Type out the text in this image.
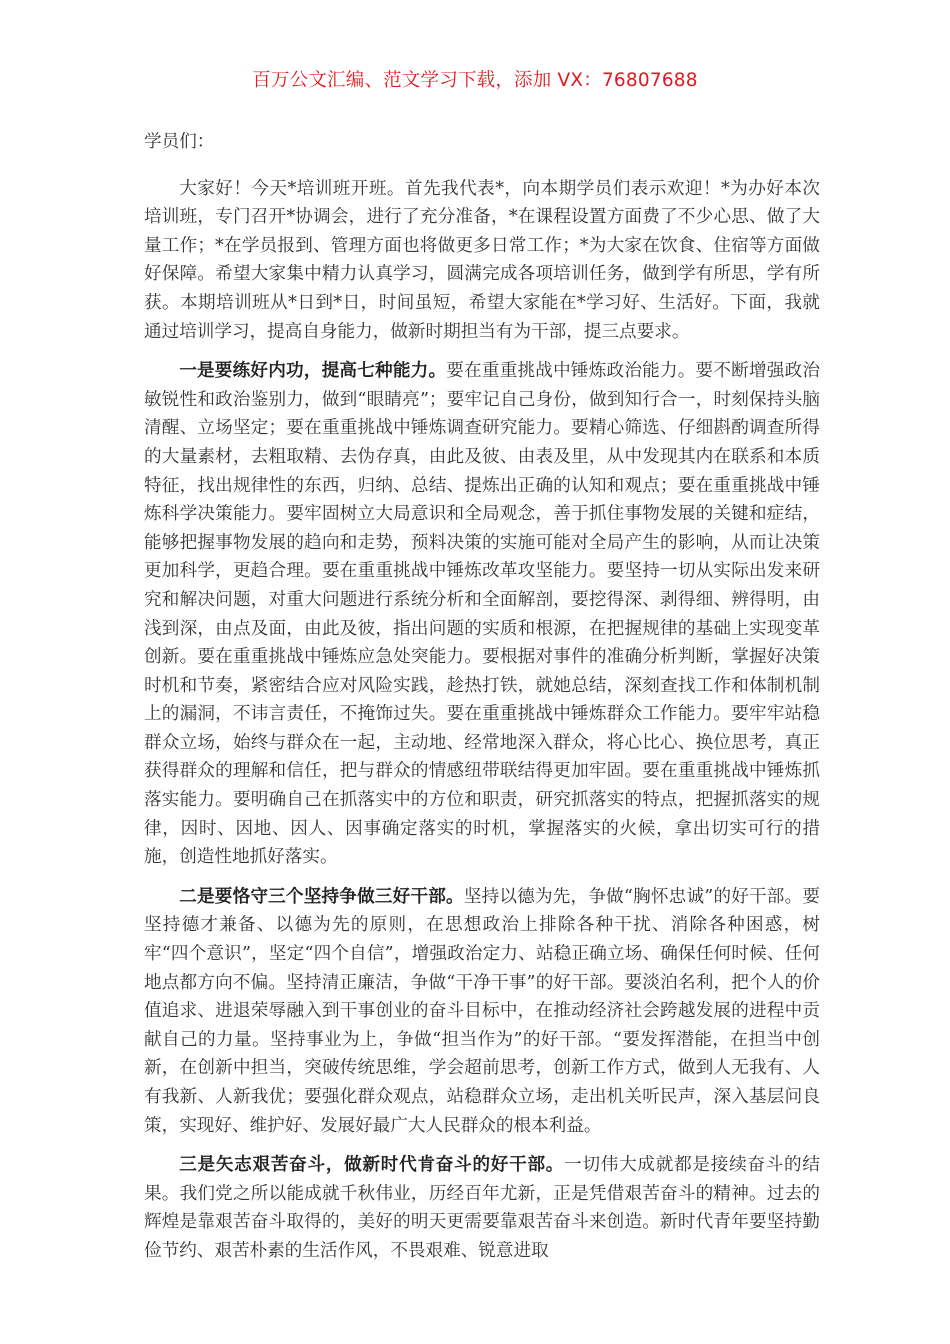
百万公文汇编、范文学习下载，添加 VX：76807688

学员们：

大家好！今天*培训班开班。首先我代表*，向本期学员们表示欢迎！*为办好本次培训班，专门召开*协调会，进行了充分准备，*在课程设置方面费了不少心思、做了大量工作；*在学员报到、管理方面也将做更多日常工作；*为大家在饮食、住宿等方面做好保障。希望大家集中精力认真学习，圆满完成各项培训任务，做到学有所思，学有所获。本期培训班从*日到*日，时间虽短，希望大家能在*学习好、生活好。下面，我就通过培训学习，提高自身能力，做新时期担当有为干部，提三点要求。

一是要练好内功，提高七种能力。要在重重挑战中锤炼政治能力。要不断增强政治敏锐性和政治鉴别力，做到“眼睛亮”；要牢记自己身份，做到知行合一，时刻保持头脑清醒、立场坚定；要在重重挑战中锤炼调查研究能力。要精心筛选、仔细斟酌调查所得的大量素材，去粗取精、去伪存真，由此及彼、由表及里，从中发现其内在联系和本质特征，找出规律性的东西，归纳、总结、提炼出正确的认知和观点；要在重重挑战中锤炼科学决策能力。要牢固树立大局意识和全局观念，善于抓住事物发展的关键和症结，能够把握事物发展的趋向和走势，预料决策的实施可能对全局产生的影响，从而让决策更加科学，更趋合理。要在重重挑战中锤炼改革攻坚能力。要坚持一切从实际出发来研究和解决问题，对重大问题进行系统分析和全面解剖，要挖得深、剥得细、辨得明，由浅到深，由点及面，由此及彼，指出问题的实质和根源，在把握规律的基础上实现变革创新。要在重重挑战中锤炼应急处突能力。要根据对事件的准确分析判断，掌握好决策时机和节奏，紧密结合应对风险实践，趁热打铁，就她总结，深刻查找工作和体制机制上的漏洞，不讳言责任，不掩饰过失。要在重重挑战中锤炼群众工作能力。要牢牢站稳群众立场，始终与群众在一起，主动地、经常地深入群众，将心比心、换位思考，真正获得群众的理解和信任，把与群众的情感纽带联结得更加牢固。要在重重挑战中锤炼抓落实能力。要明确自己在抓落实中的方位和职责，研究抓落实的特点，把握抓落实的规律，因时、因地、因人、因事确定落实的时机，掌握落实的火候，拿出切实可行的措施，创造性地抓好落实。

二是要恪守三个坚持争做三好干部。坚持以德为先，争做“胸怀忠诚”的好干部。要坚持德才兼备、以德为先的原则，在思想政治上排除各种干扰、消除各种困惑，树牢“四个意识”，坚定“四个自信”，增强政治定力、站稳正确立场、确保任何时候、任何地点都方向不偏。坚持清正廉洁，争做“干净干事”的好干部。要淡泊名利，把个人的价值追求、进退荣辱融入到干事创业的奋斗目标中，在推动经济社会跨越发展的进程中贡献自己的力量。坚持事业为上，争做“担当作为”的好干部。“要发挥潜能，在担当中创新，在创新中担当，突破传统思维，学会超前思考，创新工作方式，做到人无我有、人有我新、人新我优；要强化群众观点，站稳群众立场，走出机关听民声，深入基层问良策，实现好、维护好、发展好最广大人民群众的根本利益。

三是矢志艰苦奋斗，做新时代肯奋斗的好干部。一切伟大成就都是接续奋斗的结果。我们党之所以能成就千秋伟业，历经百年尤新，正是凭借艰苦奋斗的精神。过去的辉煌是靠艰苦奋斗取得的，美好的明天更需要靠艰苦奋斗来创造。新时代青年要坚持勤俭节约、艰苦朴素的生活作风，不畏艰难、锐意进取
